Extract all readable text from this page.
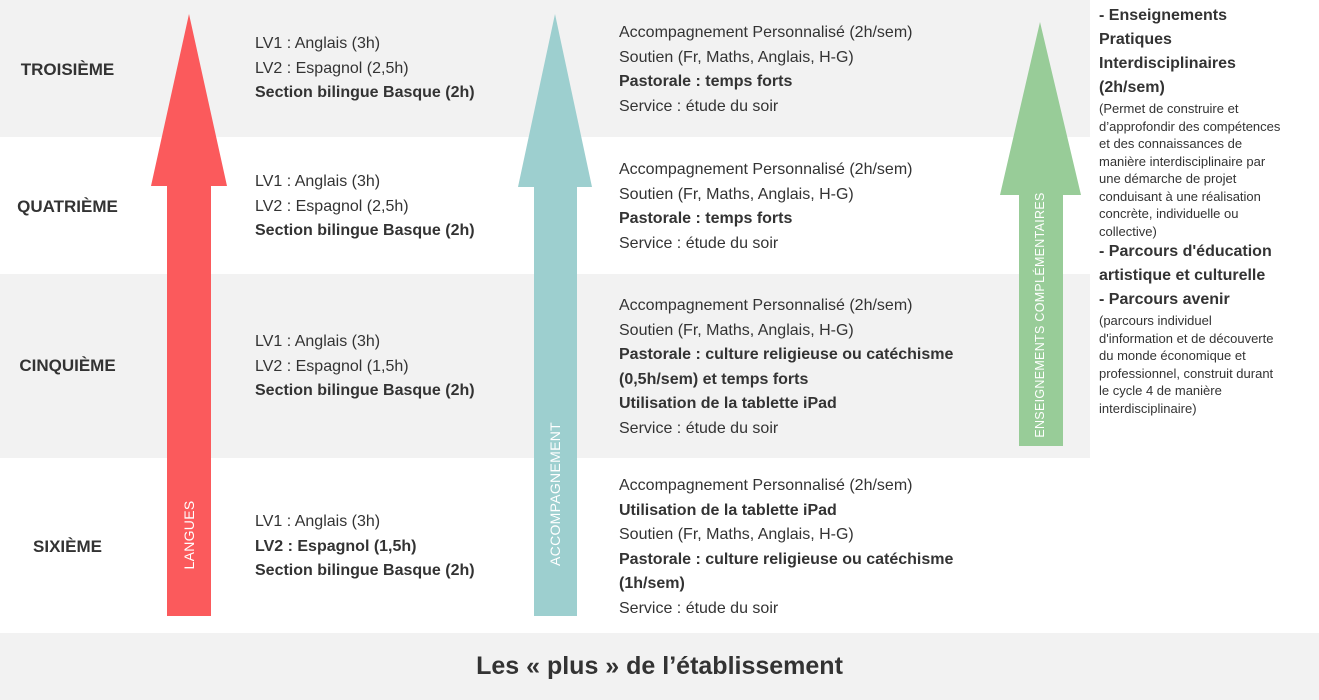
TROISIÈME
QUATRIÈME
CINQUIÈME
SIXIÈME
LV1 : Anglais (3h)
LV2 : Espagnol (2,5h)
Section bilingue Basque (2h)
LV1 : Anglais (3h)
LV2 : Espagnol (2,5h)
Section bilingue Basque (2h)
LV1 : Anglais (3h)
LV2 : Espagnol (1,5h)
Section bilingue Basque (2h)
LV1 : Anglais (3h)
LV2 : Espagnol (1,5h)
Section bilingue Basque (2h)
Accompagnement Personnalisé (2h/sem)
Soutien (Fr, Maths, Anglais, H-G)
Pastorale : temps forts
Service : étude du soir
Accompagnement Personnalisé (2h/sem)
Soutien (Fr, Maths, Anglais, H-G)
Pastorale : temps forts
Service : étude du soir
Accompagnement Personnalisé (2h/sem)
Soutien (Fr, Maths, Anglais, H-G)
Pastorale : culture religieuse ou catéchisme
(0,5h/sem) et temps forts
Utilisation de la tablette iPad
Service : étude du soir
Accompagnement Personnalisé (2h/sem)
Utilisation de la tablette iPad
Soutien (Fr, Maths, Anglais, H-G)
Pastorale : culture religieuse ou catéchisme
(1h/sem)
Service : étude du soir
LANGUES	ACCOMPAGNEMENT
ENSEIGNEMENTS COMPLÉMENTAIRES
- Enseignements
Pratiques
Interdisciplinaires
(2h/sem)
(Permet de construire et
d’approfondir des compétences
et des connaissances de
manière interdisciplinaire par
une démarche de projet
conduisant à une réalisation
concrète, individuelle ou
collective)
- Parcours d'éducation
artistique et culturelle
- Parcours avenir
(parcours individuel
d'information et de découverte
du monde économique et
professionnel, construit durant
le cycle 4 de manière
interdisciplinaire)
Les « plus » de l’établissement
